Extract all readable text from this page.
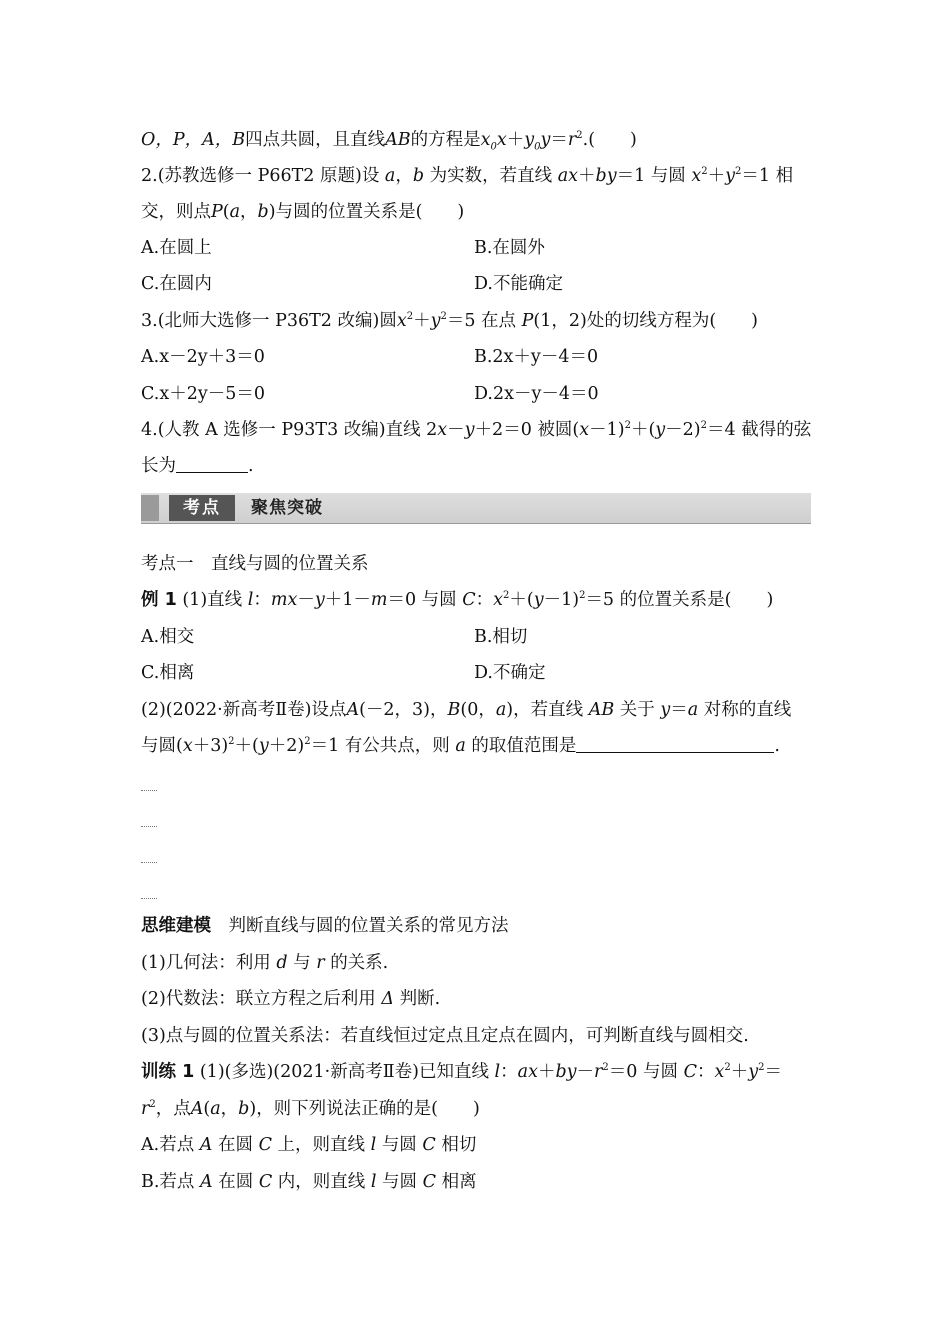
O，P，A，B四点共圆，且直线AB的方程是$x_0x+y_0y=r^2$.(　　)
2.(苏教选修一 P66T2 原题)设 a，b 为实数，若直线 ax＋by＝1 与圆 $x^2+y^2=1$ 相
交，则点P(a，b)与圆的位置关系是(　　)
A.在圆上	B.在圆外
C.在圆内	D.不能确定
3.(北师大选修一 P36T2 改编)圆$x^2+y^2=5$ 在点 P(1，2)处的切线方程为(　　)
A.x－2y＋3＝0	B.2x＋y－4＝0
C.x＋2y－5＝0	D.2x－y－4＝0
4.(人教 A 选修一 P93T3 改编)直线 2x－y＋2＝0 被圆$(x-1)^2+(y-2)^2=4$ 截得的弦
长为	.
考点	聚焦突破
考点一　直线与圆的位置关系
例 1 (1)直线 l：mx－y＋1－m＝0 与圆 C：$x^2+(y-1)^2=5$ 的位置关系是(　　)
A.相交	B.相切
C.相离	D.不确定
(2)(2022·新高考Ⅱ卷)设点A(－2，3)，B(0，a)，若直线 AB 关于 y＝a 对称的直线
与圆$(x+3)^2+(y+2)^2=1$ 有公共点，则 a 的取值范围是	.
思维建模　 判断直线与圆的位置关系的常见方法
(1)几何法：利用 d 与 r 的关系.
(2)代数法：联立方程之后利用 Δ 判断.
(3)点与圆的位置关系法：若直线恒过定点且定点在圆内，可判断直线与圆相交.
训练 1 (1)(多选)(2021·新高考Ⅱ卷)已知直线 l：$ax+by-r^2=0$ 与圆 C：$x^2+y^2=$
$r^2$，点A(a，b)，则下列说法正确的是(　　)
A.若点 A 在圆 C 上，则直线 l 与圆 C 相切
B.若点 A 在圆 C 内，则直线 l 与圆 C 相离
